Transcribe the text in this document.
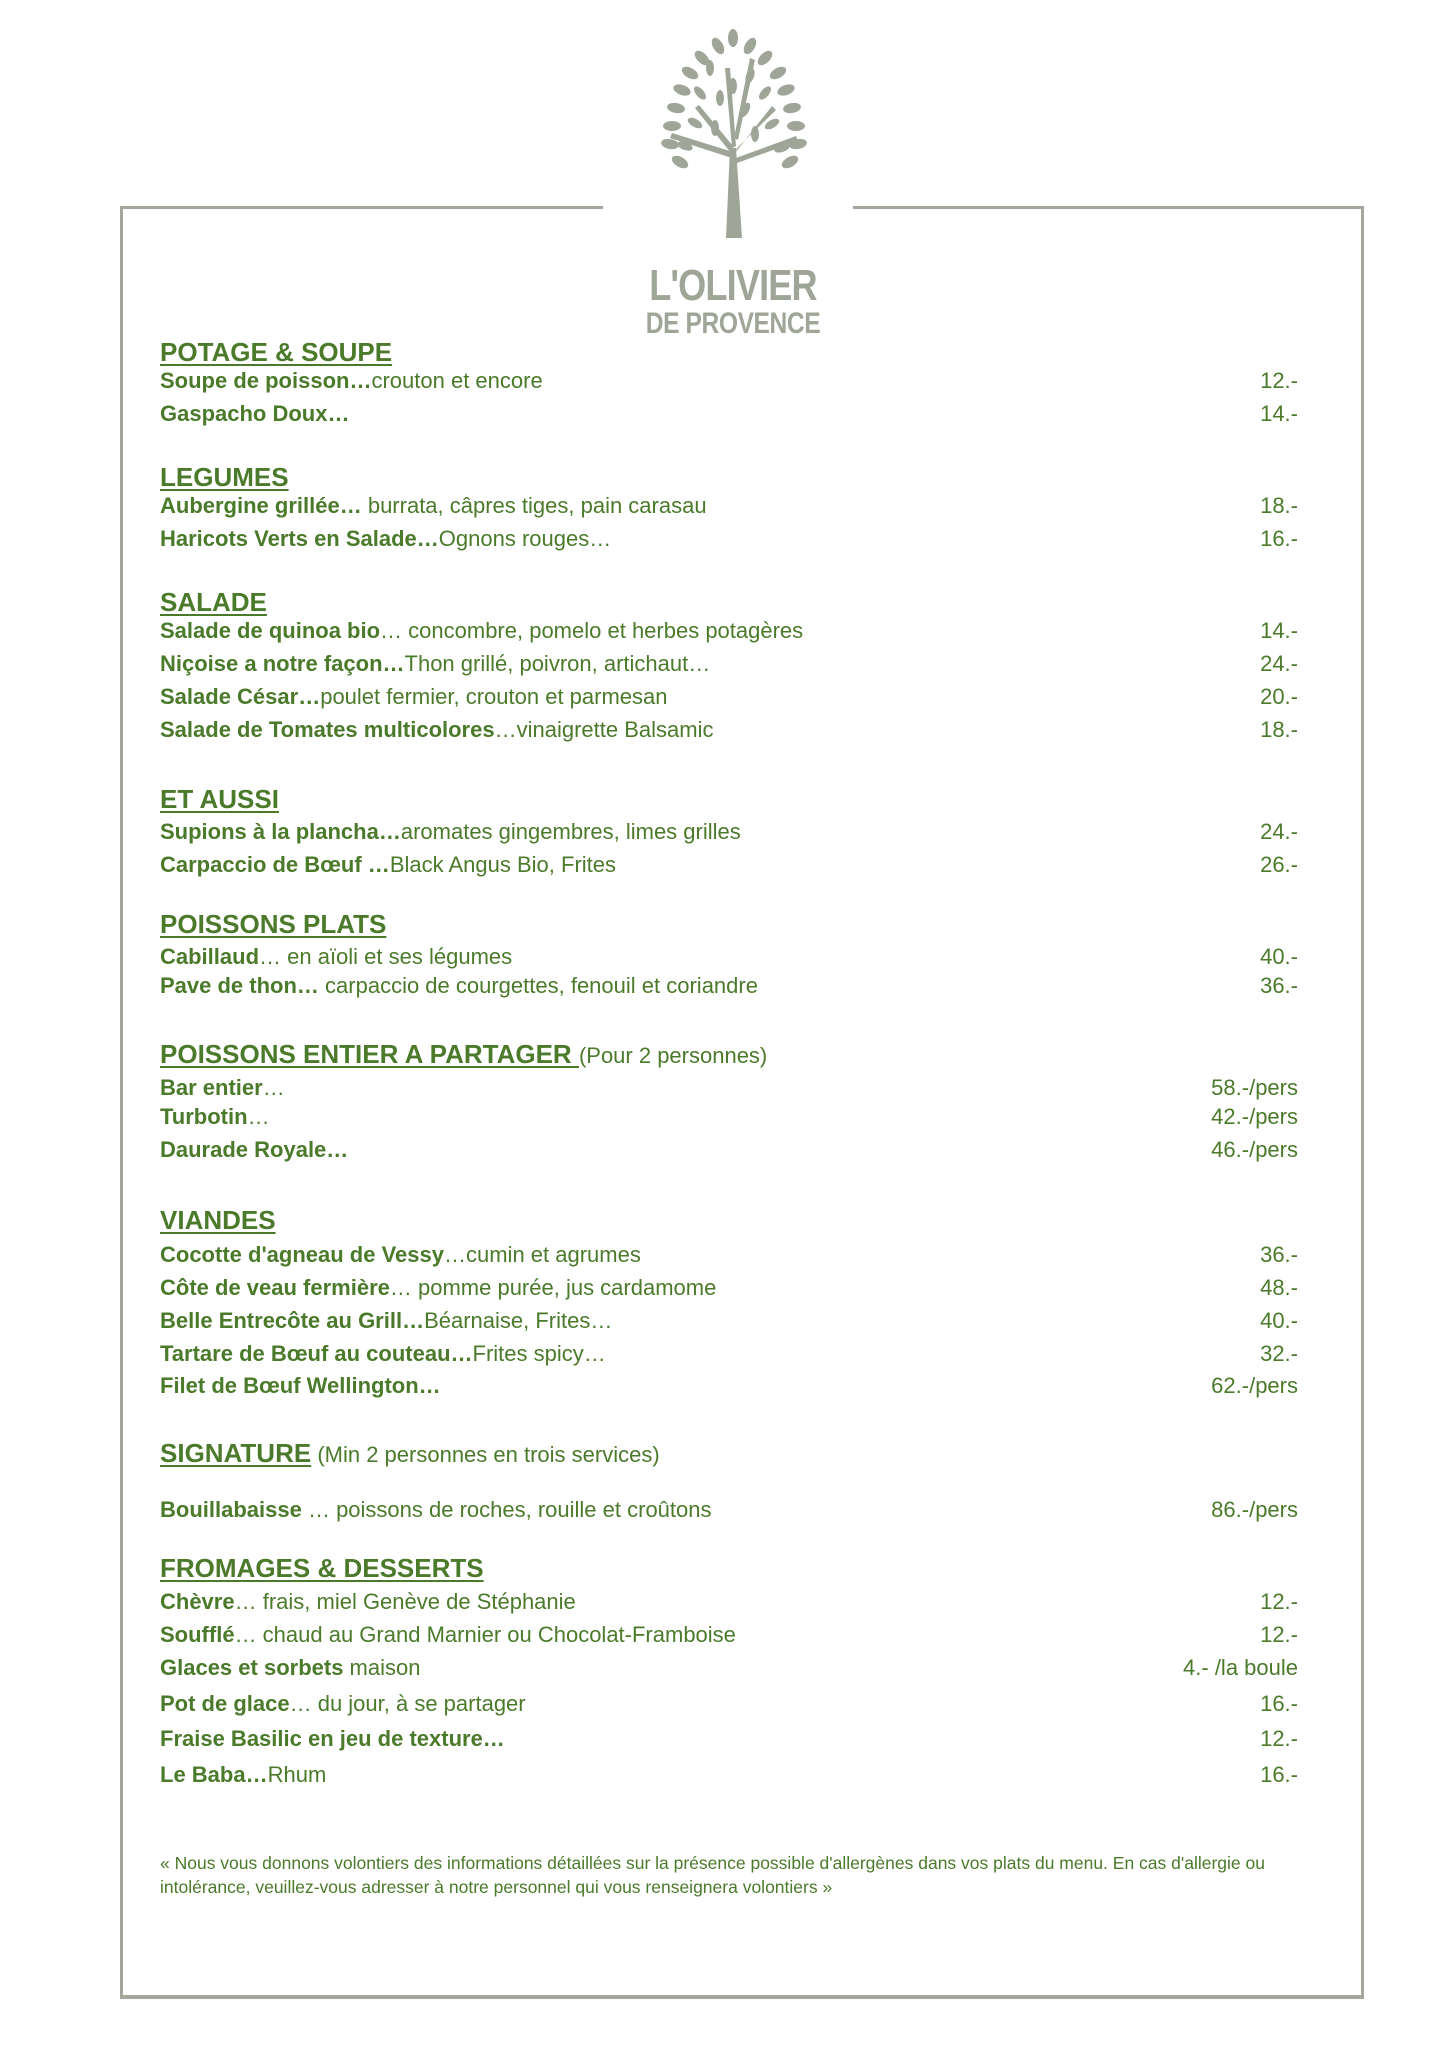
L'OLIVIER
DE PROVENCE
POTAGE & SOUPE
Soupe de poisson…crouton et encore	12.-
Gaspacho Doux…	14.-
LEGUMES
Aubergine grillée… burrata, câpres tiges, pain carasau	18.-
Haricots Verts en Salade…Ognons rouges…	16.-
SALADE
Salade de quinoa bio… concombre, pomelo et herbes potagères	14.-
Niçoise a notre façon…Thon grillé, poivron, artichaut…	24.-
Salade César…poulet fermier, crouton et parmesan	20.-
Salade de Tomates multicolores…vinaigrette Balsamic	18.-
ET AUSSI
Supions à la plancha…aromates gingembres, limes grilles	24.-
Carpaccio de Bœuf …Black Angus Bio, Frites	26.-
POISSONS PLATS
Cabillaud… en aïoli et ses légumes	40.-
Pave de thon… carpaccio de courgettes, fenouil et coriandre	36.-
POISSONS ENTIER A PARTAGER (Pour 2 personnes)
Bar entier…	58.-/pers
Turbotin…	42.-/pers
Daurade Royale…	46.-/pers
VIANDES
Cocotte d'agneau de Vessy…cumin et agrumes	36.-
Côte de veau fermière… pomme purée, jus cardamome	48.-
Belle Entrecôte au Grill…Béarnaise, Frites…	40.-
Tartare de Bœuf au couteau…Frites spicy…	32.-
Filet de Bœuf Wellington…	62.-/pers
SIGNATURE (Min 2 personnes en trois services)
Bouillabaisse … poissons de roches, rouille et croûtons	86.-/pers
FROMAGES & DESSERTS
Chèvre… frais, miel Genève de Stéphanie	12.-
Soufflé… chaud au Grand Marnier ou Chocolat-Framboise	12.-
Glaces et sorbets maison	4.- /la boule
Pot de glace… du jour, à se partager	16.-
Fraise Basilic en jeu de texture…	12.-
Le Baba…Rhum	16.-
« Nous vous donnons volontiers des informations détaillées sur la présence possible d'allergènes dans vos plats du menu. En cas d'allergie ou intolérance, veuillez-vous adresser à notre personnel qui vous renseignera volontiers »
